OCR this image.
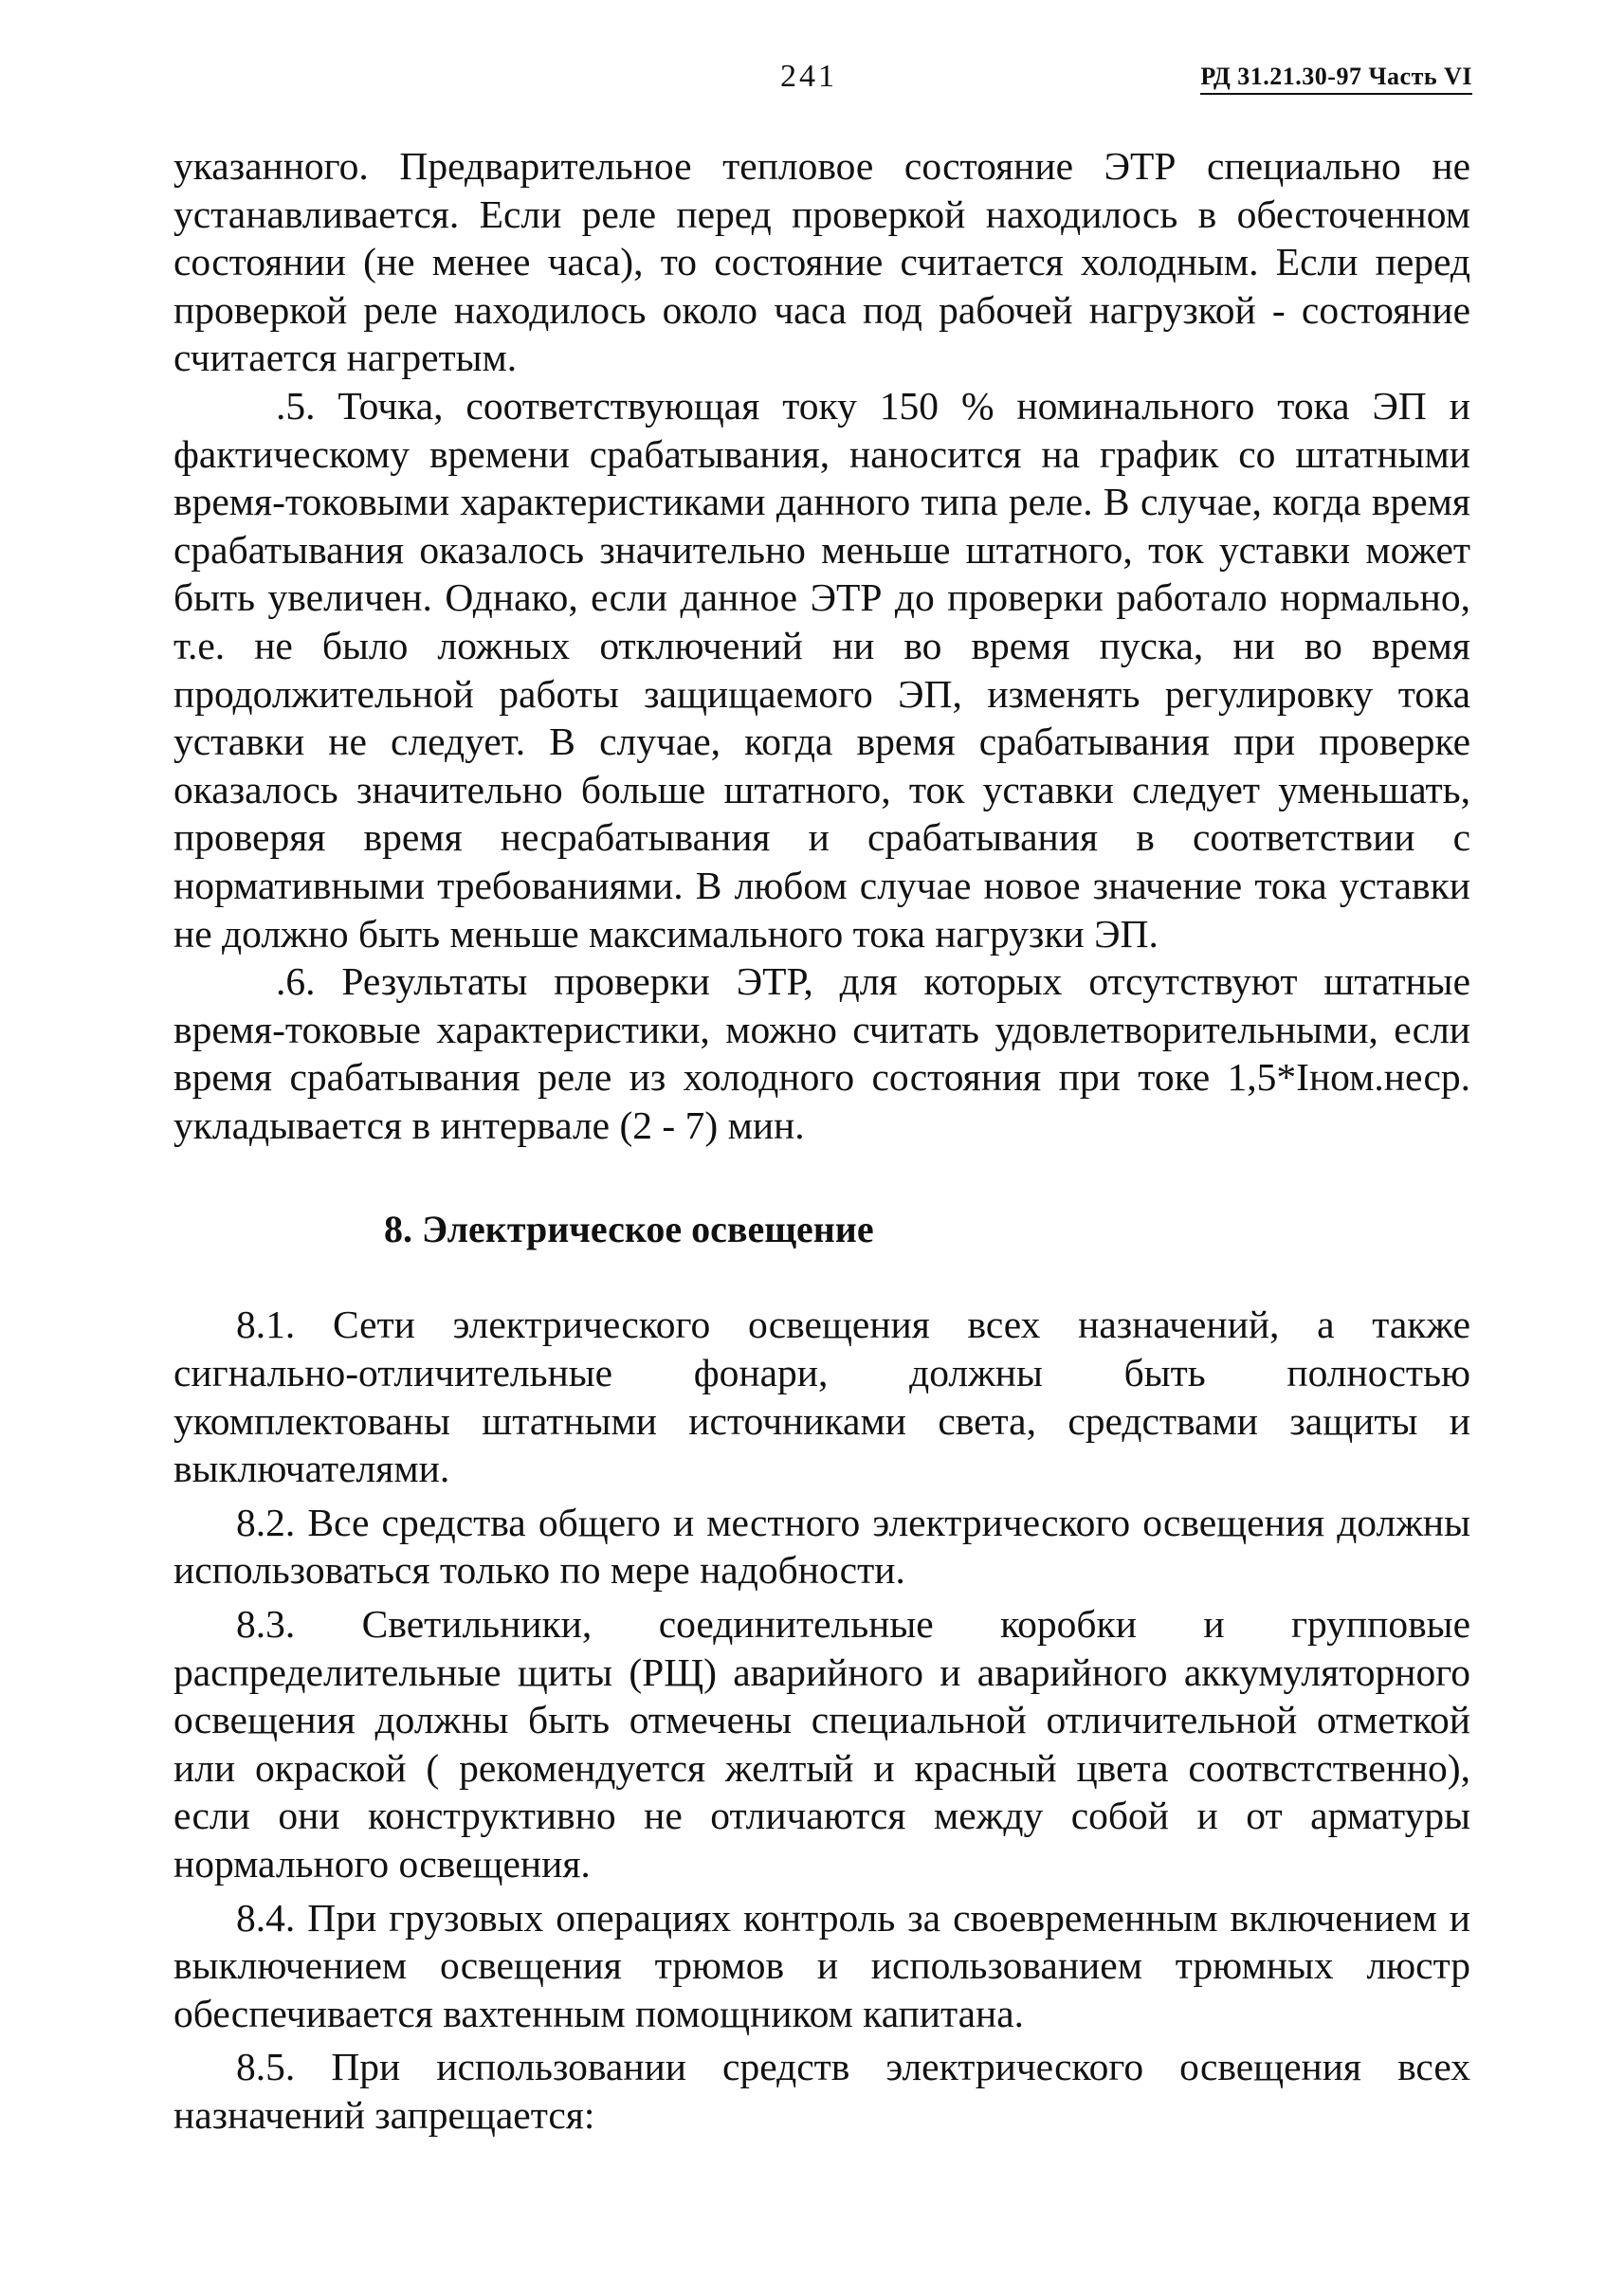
241	РД 31.21.30-97 Часть VI

указанного. Предварительное тепловое состояние ЭТР специально не устанавливается. Если реле перед проверкой находилось в обесточенном состоянии (не менее часа), то состояние считается холодным. Если перед проверкой реле находилось около часа под рабочей нагрузкой - состояние считается нагретым.

.5. Точка, соответствующая току 150 % номинального тока ЭП и фактическому времени срабатывания, наносится на график со штатными время-токовыми характеристиками данного типа реле. В случае, когда время срабатывания оказалось значительно меньше штатного, ток уставки может быть увеличен. Однако, если данное ЭТР до проверки работало нормально, т.е. не было ложных отключений ни во время пуска, ни во время продолжительной работы защищаемого ЭП, изменять регулировку тока уставки не следует. В случае, когда время срабатывания при проверке оказалось значительно больше штатного, ток уставки следует уменьшать, проверяя время несрабатывания и срабатывания в соответствии с нормативными требованиями. В любом случае новое значение тока уставки не должно быть меньше максимального тока нагрузки ЭП.

.6. Результаты проверки ЭТР, для которых отсутствуют штатные время-токовые характеристики, можно считать удовлетворительными, если время срабатывания реле из холодного состояния при токе 1,5*Iном.неср. укладывается в интервале (2 - 7) мин.

8. Электрическое освещение

8.1. Сети электрического освещения всех назначений, а также сигнально-отличительные фонари, должны быть полностью укомплектованы штатными источниками света, средствами защиты и выключателями.

8.2. Все средства общего и местного электрического освещения должны использоваться только по мере надобности.

8.3. Светильники, соединительные коробки и групповые распределительные щиты (РЩ) аварийного и аварийного аккумуляторного освещения должны быть отмечены специальной отличительной отметкой или окраской ( рекомендуется желтый и красный цвета соотвстственно), если они конструктивно не отличаются между собой и от арматуры нормального освещения.

8.4. При грузовых операциях контроль за своевременным включением и выключением освещения трюмов и использованием трюмных люстр обеспечивается вахтенным помощником капитана.

8.5. При использовании средств электрического освещения всех назначений запрещается:
